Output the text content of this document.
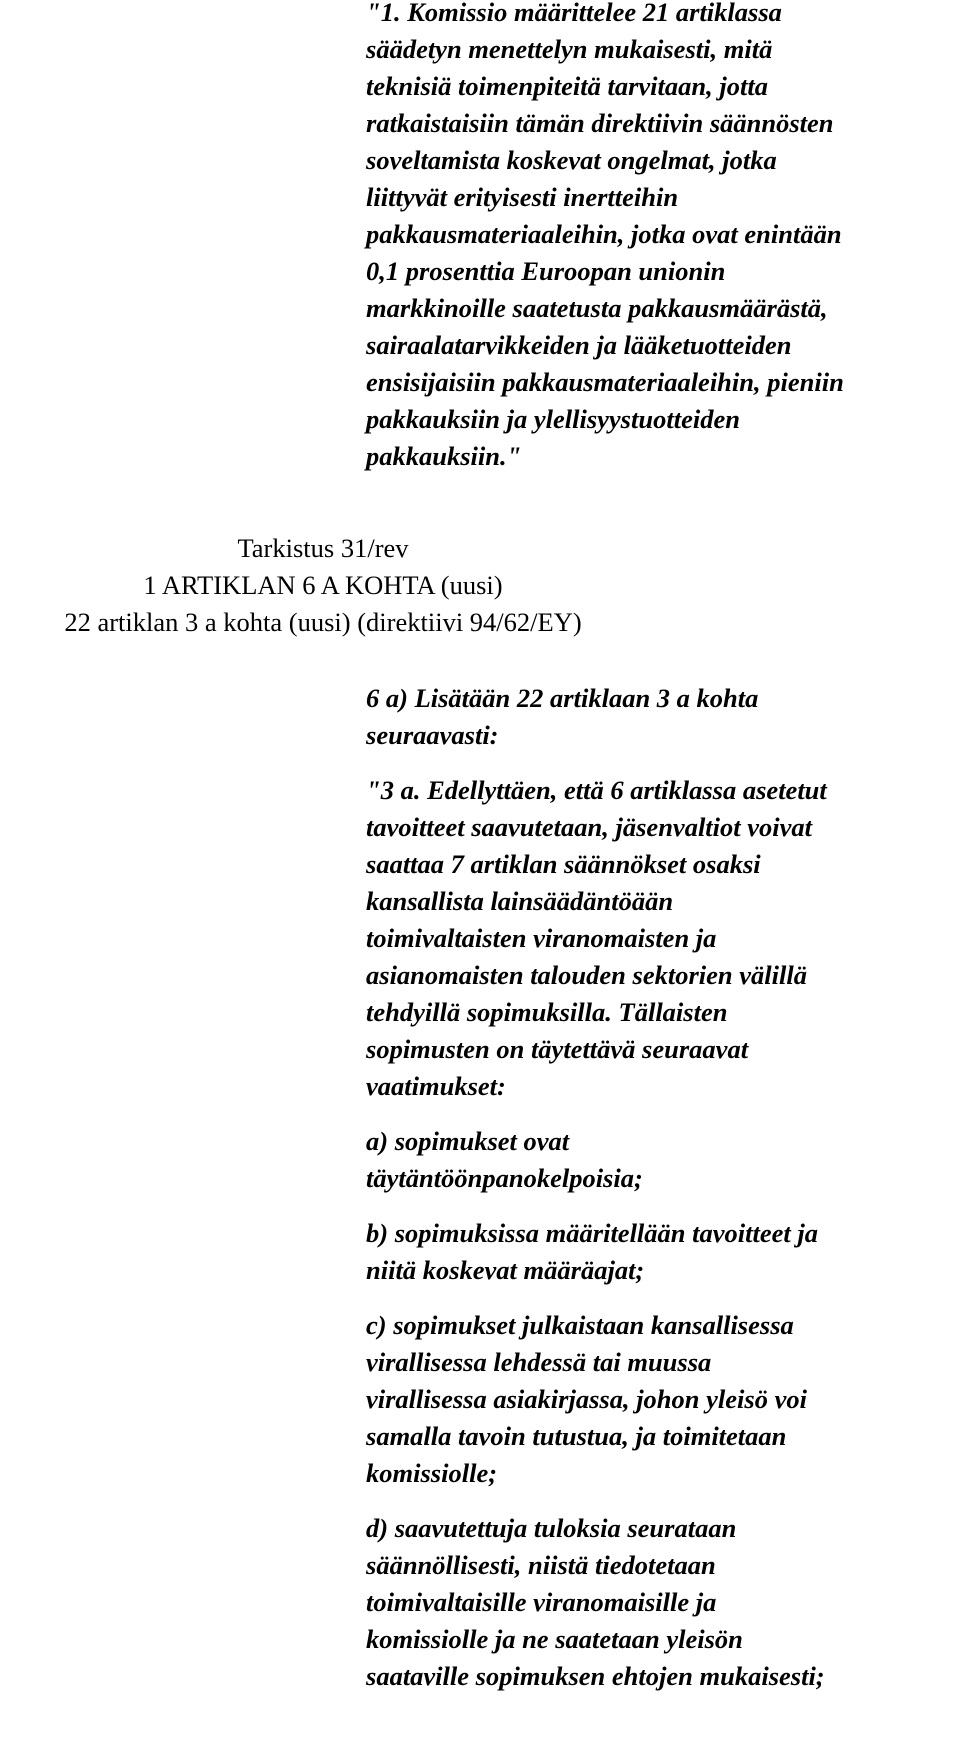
"1. Komissio määrittelee 21 artiklassa

säädetyn menettelyn mukaisesti, mitä

teknisiä toimenpiteitä tarvitaan, jotta

ratkaistaisiin tämän direktiivin säännösten

soveltamista koskevat ongelmat, jotka

liittyvät erityisesti inertteihin

pakkausmateriaaleihin, jotka ovat enintään

0,1 prosenttia Euroopan unionin

markkinoille saatetusta pakkausmäärästä,

sairaalatarvikkeiden ja lääketuotteiden

ensisijaisiin pakkausmateriaaleihin, pieniin

pakkauksiin ja ylellisyystuotteiden

pakkauksiin."

Tarkistus 31/rev
1 ARTIKLAN 6 A KOHTA (uusi)
22 artiklan 3 a kohta (uusi) (direktiivi 94/62/EY)

6 a) Lisätään 22 artiklaan 3 a kohta

seuraavasti:

"3 a. Edellyttäen, että 6 artiklassa asetetut

tavoitteet saavutetaan, jäsenvaltiot voivat

saattaa 7 artiklan säännökset osaksi

kansallista lainsäädäntöään

toimivaltaisten viranomaisten ja

asianomaisten talouden sektorien välillä

tehdyillä sopimuksilla. Tällaisten

sopimusten on täytettävä seuraavat

vaatimukset:

a) sopimukset ovat

täytäntöönpanokelpoisia;

b) sopimuksissa määritellään tavoitteet ja

niitä koskevat määräajat;

c) sopimukset julkaistaan kansallisessa

virallisessa lehdessä tai muussa

virallisessa asiakirjassa, johon yleisö voi

samalla tavoin tutustua, ja toimitetaan

komissiolle;

d) saavutettuja tuloksia seurataan

säännöllisesti, niistä tiedotetaan

toimivaltaisille viranomaisille ja

komissiolle ja ne saatetaan yleisön

saataville sopimuksen ehtojen mukaisesti;
